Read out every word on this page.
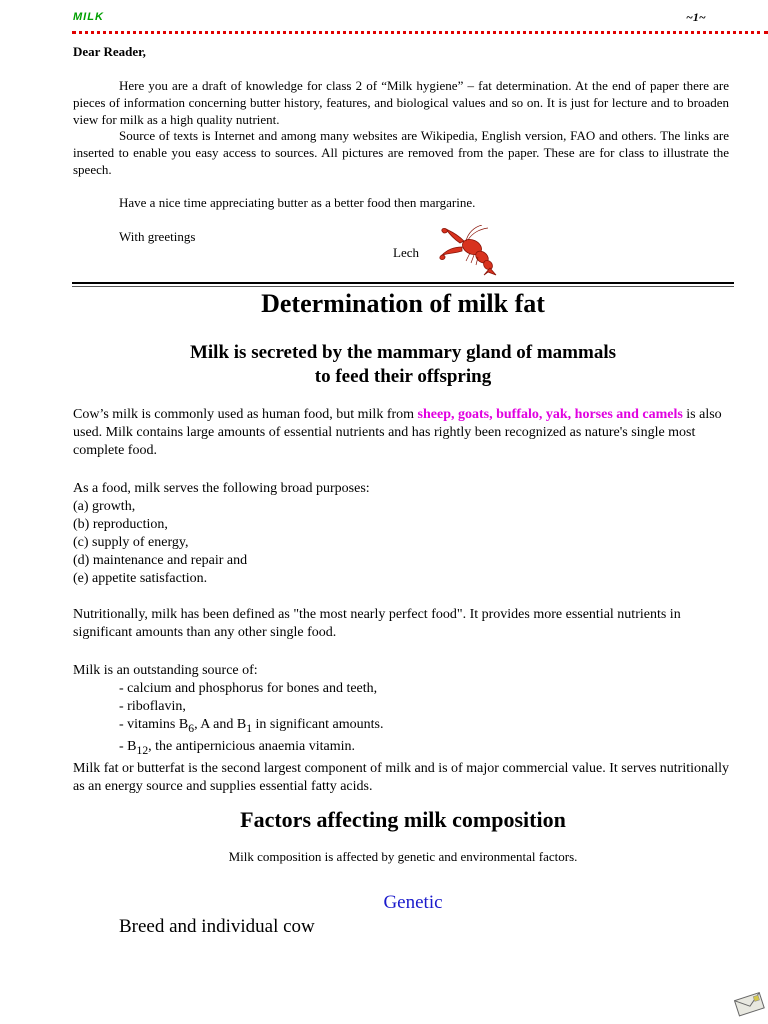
MILK	~1~
Dear Reader,

Here you are a draft of knowledge for class 2 of “Milk hygiene” – fat determination. At the end of paper there are pieces of information concerning butter history, features, and biological values and so on. It is just for lecture and to broaden view for milk as a high quality nutrient.

Source of texts is Internet and among many websites are Wikipedia, English version, FAO and others. The links are inserted to enable you easy access to sources. All pictures are removed from the paper. These are for class to illustrate the speech.

Have a nice time appreciating butter as a better food then margarine.

With greetings

Lech
Determination of milk fat
Milk is secreted by the mammary gland of mammals
to feed their offspring
Cow’s milk is commonly used as human food, but milk from sheep, goats, buffalo, yak, horses and camels is also used. Milk contains large amounts of essential nutrients and has rightly been recognized as nature's single most complete food.

As a food, milk serves the following broad purposes:

(a) growth,

(b) reproduction,

(c) supply of energy,

(d) maintenance and repair and

(e) appetite satisfaction.

Nutritionally, milk has been defined as "the most nearly perfect food". It provides more essential nutrients in significant amounts than any other single food.

Milk is an outstanding source of:

- calcium and phosphorus for bones and teeth,

- riboflavin,

- vitamins $B_6$, A and $B_1$ in significant amounts.

- $B_{12}$, the antipernicious anaemia vitamin.

Milk fat or butterfat is the second largest component of milk and is of major commercial value. It serves nutritionally as an energy source and supplies essential fatty acids.

Factors affecting milk composition
Milk composition is affected by genetic and environmental factors.
Genetic
Breed and individual cow
